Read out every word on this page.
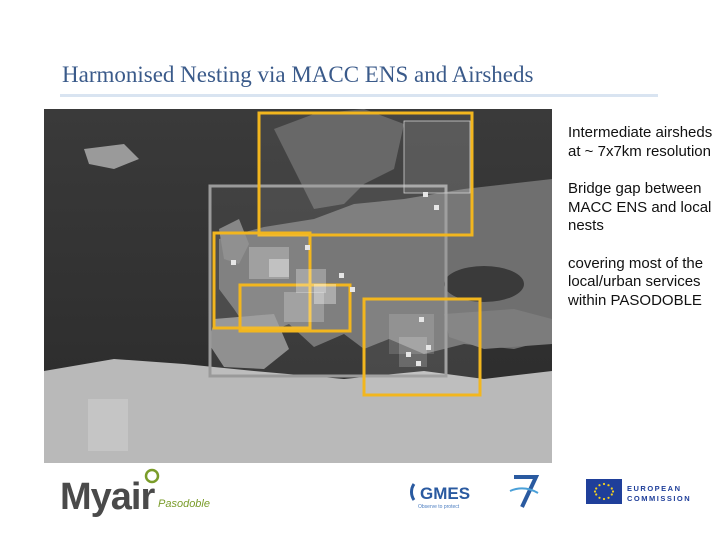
Harmonised Nesting via MACC ENS and Airsheds
Intermediate airsheds at ~ 7x7km resolution
Bridge gap between MACC ENS and local nests
covering most of the local/urban services within PASODOBLE
Myair Pasodoble
GMES
Observe to protect
EUROPEAN
COMMISSION
